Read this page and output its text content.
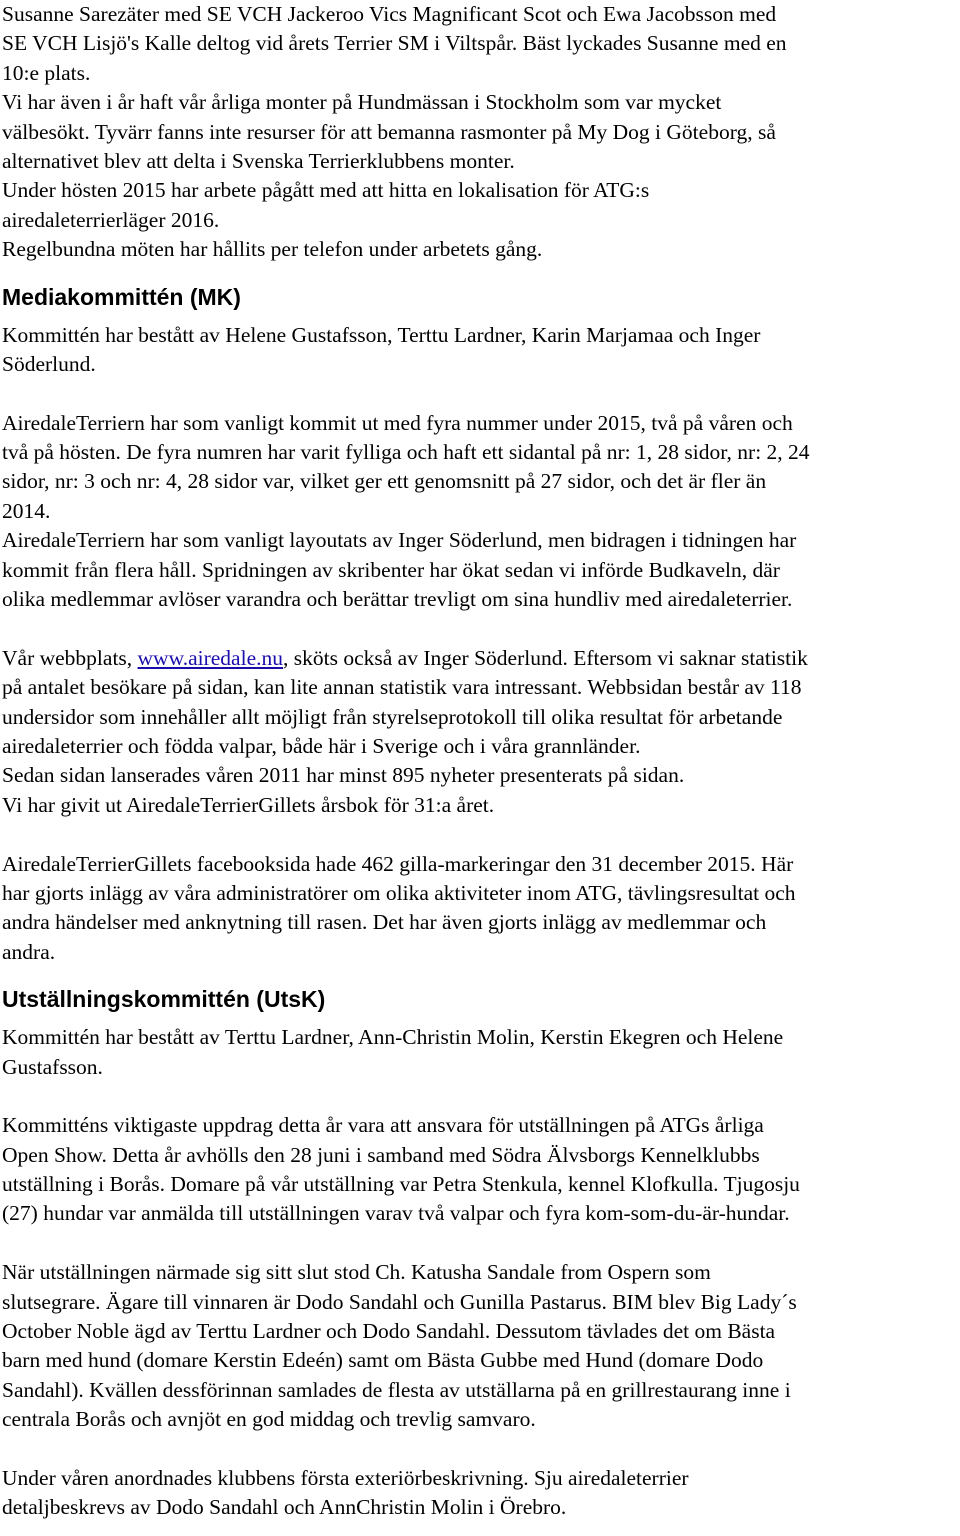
Susanne Sarezäter med SE VCH Jackeroo Vics Magnificant Scot och Ewa Jacobsson med
SE VCH Lisjö's Kalle deltog vid årets Terrier SM i Viltspår. Bäst lyckades Susanne med en
10:e plats.
Vi har även i år haft vår årliga monter på Hundmässan i Stockholm som var mycket
välbesökt. Tyvärr fanns inte resurser för att bemanna rasmonter på My Dog i Göteborg, så
alternativet blev att delta i Svenska Terrierklubbens monter.
Under hösten 2015 har arbete pågått med att hitta en lokalisation för ATG:s
airedaleterrierläger 2016.
Regelbundna möten har hållits per telefon under arbetets gång.
Mediakommittén (MK)
Kommittén har bestått av Helene Gustafsson, Terttu Lardner, Karin Marjamaa och Inger
Söderlund.
AiredaleTerriern har som vanligt kommit ut med fyra nummer under 2015, två på våren och
två på hösten. De fyra numren har varit fylliga och haft ett sidantal på nr: 1, 28 sidor, nr: 2, 24
sidor, nr: 3 och nr: 4, 28 sidor var, vilket ger ett genomsnitt på 27 sidor, och det är fler än
2014.
AiredaleTerriern har som vanligt layoutats av Inger Söderlund, men bidragen i tidningen har
kommit från flera håll. Spridningen av skribenter har ökat sedan vi införde Budkaveln, där
olika medlemmar avlöser varandra och berättar trevligt om sina hundliv med airedaleterrier.
Vår webbplats, www.airedale.nu, sköts också av Inger Söderlund. Eftersom vi saknar statistik
på antalet besökare på sidan, kan lite annan statistik vara intressant. Webbsidan består av 118
undersidor som innehåller allt möjligt från styrelseprotokoll till olika resultat för arbetande
airedaleterrier och födda valpar, både här i Sverige och i våra grannländer.
Sedan sidan lanserades våren 2011 har minst 895 nyheter presenterats på sidan.
Vi har givit ut AiredaleTerrierGillets årsbok för 31:a året.
AiredaleTerrierGillets facebooksida hade 462 gilla-markeringar den 31 december 2015. Här
har gjorts inlägg av våra administratörer om olika aktiviteter inom ATG, tävlingsresultat och
andra händelser med anknytning till rasen. Det har även gjorts inlägg av medlemmar och
andra.
Utställningskommittén (UtsK)
Kommittén har bestått av Terttu Lardner, Ann-Christin Molin, Kerstin Ekegren och Helene
Gustafsson.
Kommitténs viktigaste uppdrag detta år vara att ansvara för utställningen på ATGs årliga
Open Show. Detta år avhölls den 28 juni i samband med Södra Älvsborgs Kennelklubbs
utställning i Borås. Domare på vår utställning var Petra Stenkula, kennel Klofkulla. Tjugosju
(27) hundar var anmälda till utställningen varav två valpar och fyra kom-som-du-är-hundar.
När utställningen närmade sig sitt slut stod Ch. Katusha Sandale from Ospern som
slutsegrare. Ägare till vinnaren är Dodo Sandahl och Gunilla Pastarus. BIM blev Big Lady´s
October Noble ägd av Terttu Lardner och Dodo Sandahl. Dessutom tävlades det om Bästa
barn med hund (domare Kerstin Edeén) samt om Bästa Gubbe med Hund (domare Dodo
Sandahl). Kvällen dessförinnan samlades de flesta av utställarna på en grillrestaurang inne i
centrala Borås och avnjöt en god middag och trevlig samvaro.
Under våren anordnades klubbens första exteriörbeskrivning. Sju airedaleterrier
detaljbeskrevs av Dodo Sandahl och AnnChristin Molin i Örebro.
